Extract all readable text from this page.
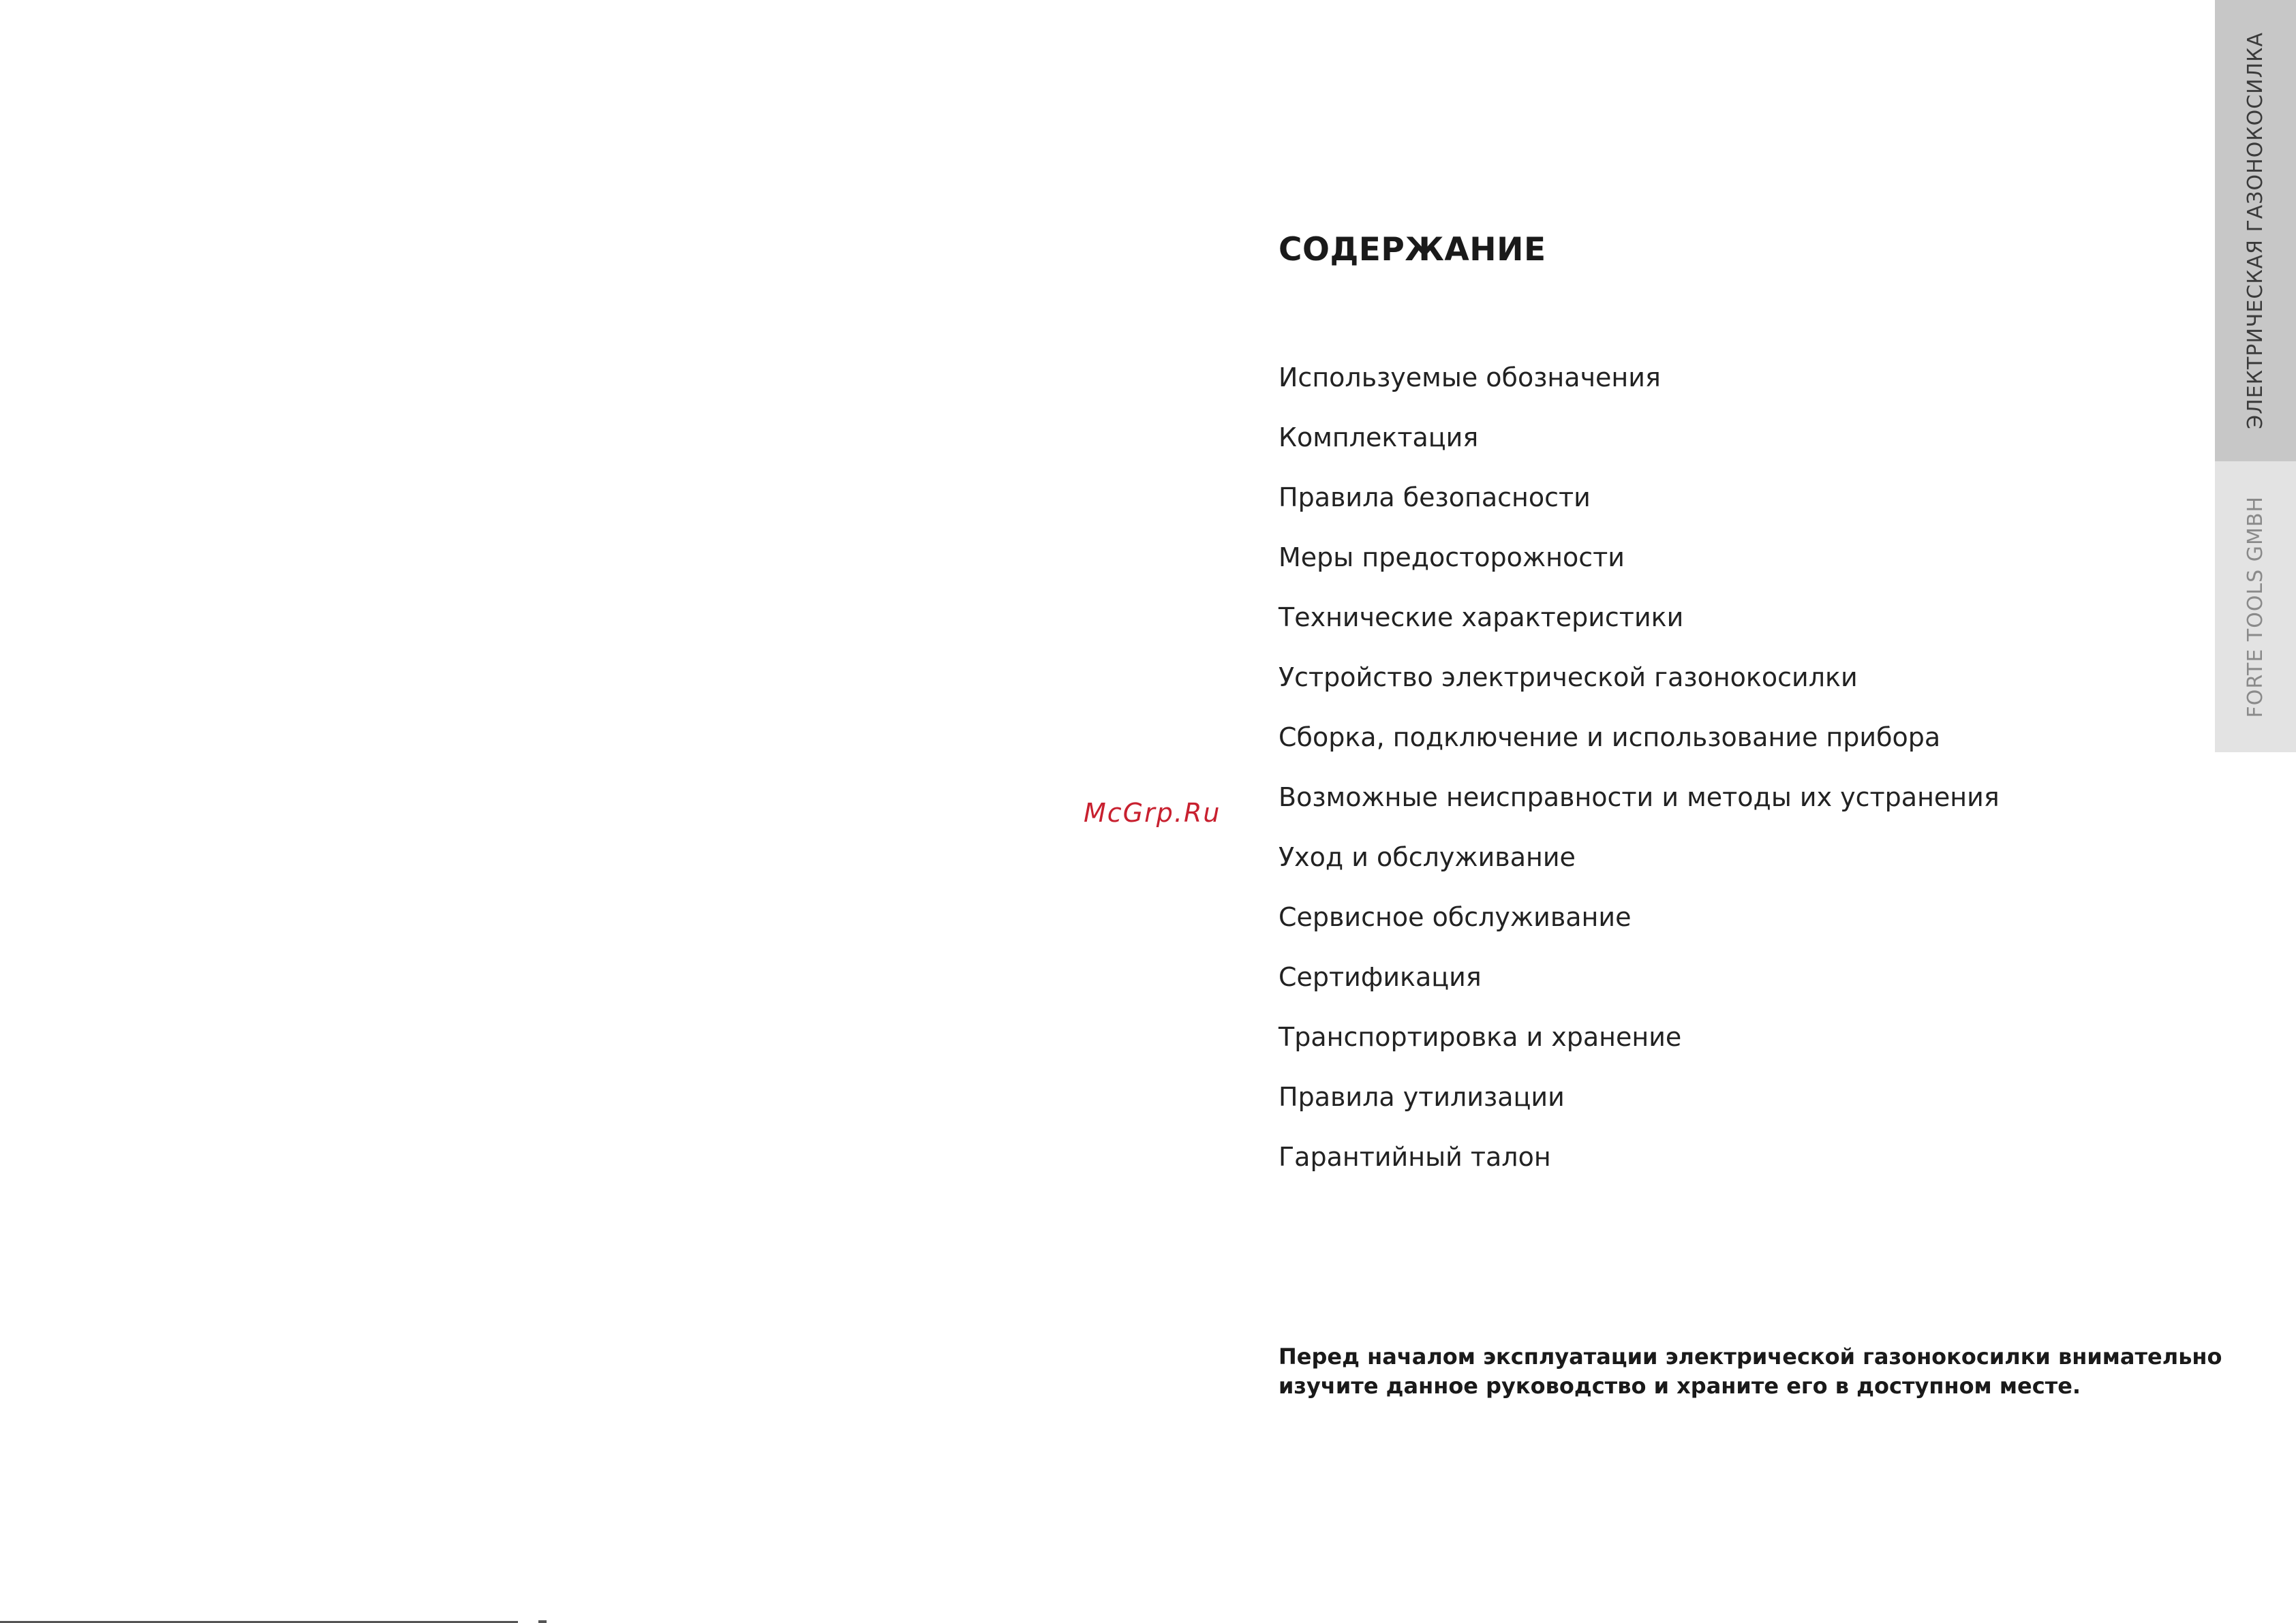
СОДЕРЖАНИЕ
Используемые обозначения
Комплектация
Правила безопасности
Меры предосторожности
Технические характеристики
Устройство электрической газонокосилки
Сборка, подключение и использование прибора
Возможные неисправности и методы их устранения
Уход и обслуживание
Сервисное обслуживание
Сертификация
Транспортировка и хранение
Правила утилизации
Гарантийный талон
McGrp.Ru

Перед началом эксплуатации электрической газонокосилки внимательно
изучите данное руководство и храните его в доступном месте.

ЭЛЕКТРИЧЕСКАЯ ГАЗОНОКОСИЛКА
FORTE TOOLS GMBH
